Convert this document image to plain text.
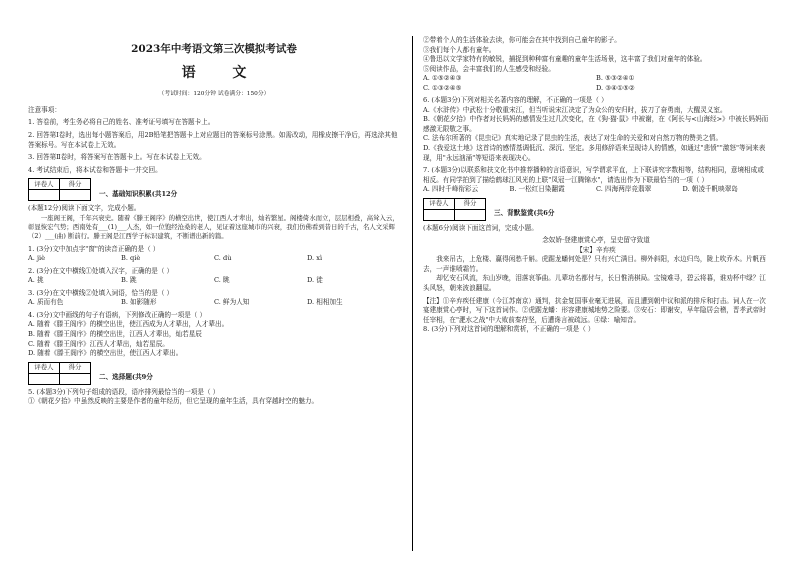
2023年中考语文第三次模拟考试卷
语 文
（考试时间：120分钟 试卷满分：150分）

注意事项：

1. 答卷前，考生务必将自己的姓名、准考证号填写在答题卡上。

2. 回答第Ⅰ卷时，选出每小题答案后，用2B铅笔把答题卡上对应题目的答案标号涂黑。如需改动，用橡皮擦干净后，再选涂其他答案标号。写在本试卷上无效。

3. 回答第Ⅱ卷时，将答案写在答题卡上。写在本试卷上无效。

4. 考试结束后，将本试卷和答题卡一并交回。

评卷人	得分

一、基础知识积累(共12分

(本题12分)阅读下面文字，完成小题。

一座阁王阁，千年兴衰史。随着《滕王阁序》的横空出世，使江西人才辈出，灿若繁星。阁楼倚水而立，层层相叠，高耸入云，彰显恢宏气势；西南处有___(1)___人杰，如一位饱经沧桑的老人，见证着这座城市的兴衰，我们仿佛看到昔日的千古，名人文采辉（2）___(曲) 断前行。滕王阁是江西学子标识建筑，不断谱出新的篇。

1. (3分)文中加点字"窗"的读音正确的是（ ）

A. jiè	B. qiè	C. dù	D. xì

2. (3分)在文中横线①处填入汉字，正确的是（ ）

A. 挑	B. 跳	C. 眺	D. 徙

3. (3分)在文中横线②处填入词语，恰当的是（ ）

A. 质而有色	B. 如影随形	C. 鲜为人知	D. 相相加生

4. (3分)文中画线的句子有语病，下列修改正确的一项是（ ）

A. 随着《滕王阁序》的横空出世，使江西成为人才辈出，人才辈出。

B. 随着《滕王阁序》的横空出世，江西人才辈出，灿若星辰

C. 随着《滕王阁序》江西人才辈出，灿若星辰。

D. 随着《滕王阁序》的横空出世，使江西人才辈出。

评卷人	得分

二、选择题(共9分

5. (本题3分)下列句子组成的语段，语序排列最恰当的一项是（ ）

①《朝花夕拾》中虽然反映的主要是作者的童年经历，但它呈现的童年生活，具有穿越时空的魅力。

②带着个人的生活体验去读，你可能会在其中找到自己童年的影子。

③我们每个人都有童年。

④鲁迅以文学家特有的敏锐，捕捉到种种富有童趣的童年生活场景，这丰富了我们对童年的体验。

⑤阅读作品，会丰富我们的人生感受和经验。

A. ①⑤②④③	B. ⑤③②④①
C. ①③②④⑤	D. ③④①⑤②

6. (本题3分)下列对相关名著内容的理解，不正确的一项是（ ）

A.《水浒传》中武松十分敬重宋江，但当听说宋江决定了为众公的安归时，拔刀了奋勇南，大醒灵义室。

B.《朝花夕拾》中作者对长妈妈的感情发生过几次变化，在《狗·猫·鼠》中被谢，在《阿长与<山海经>》中被长妈妈而感激无限敬之事。

C. 法布尔所著的《昆虫记》真实地记录了昆虫的生活，表达了对生命的关爱和对自然万物的赞美之情。

D.《我爱这土地》这首诗的感情基调低沉、深沉、坚定。多用修辞语来呈现诗人的情感，如通过"悲愤""激怒"等词来表现，用"永远汹涌"等短语来表现决心。

7. (本题3分)以联系和扶文化书中推荐播种的言语意识，写学谓求平直，上下联讲究字数相等，结构相同，意境相成或相反。有同学拍到了描绘鹤球江风光的上联"凤冠一江腾锦水"，请选出作为下联最恰当的一项（ ）

A. 四时千峰衔彩云	B. 一松红日染翻霞	C. 四海两岸竞翡翠	D. 朝凌千帆映翠岛
评卷人	得分

三、背默鉴赏(共6分

(本题6分)阅读下面这首词，完成小题。

念奴娇·登建康赏心亭，呈史留守致道

【宋】辛弃疾

我来吊古，上危楼、赢得闲愁千斛。虎踞龙蟠何处是？只有兴亡满目。柳外斜阳，水边归鸟，陇上吹乔木。片帆西去，一声谁喷霜竹。

却忆安石风流，东山岁晚，泪落哀筝曲。儿辈功名都付与，长日惟消棋局。宝镜难寻，碧云将暮，谁劝杯中绿？江头风怒，朝来波浪翻屋。

【注】①辛弃疾任建康（今江苏南京）通判，抗金复国事业毫无进展，而且遭到朝中议和派的排斥和打击。词人在一次宴建康赏心亭时，写下这首词作。②虎踞龙蟠：形容建康城地势之险要。③安石：即谢安，早年隐居会稽，晋孝武帝时任宰相，在"淝水之战"中大败前秦苻坚，后遭谗言被疏远。④绿：喻知音。

8. (3分)下列对这首词的理解和赏析，不正确的一项是（ ）
